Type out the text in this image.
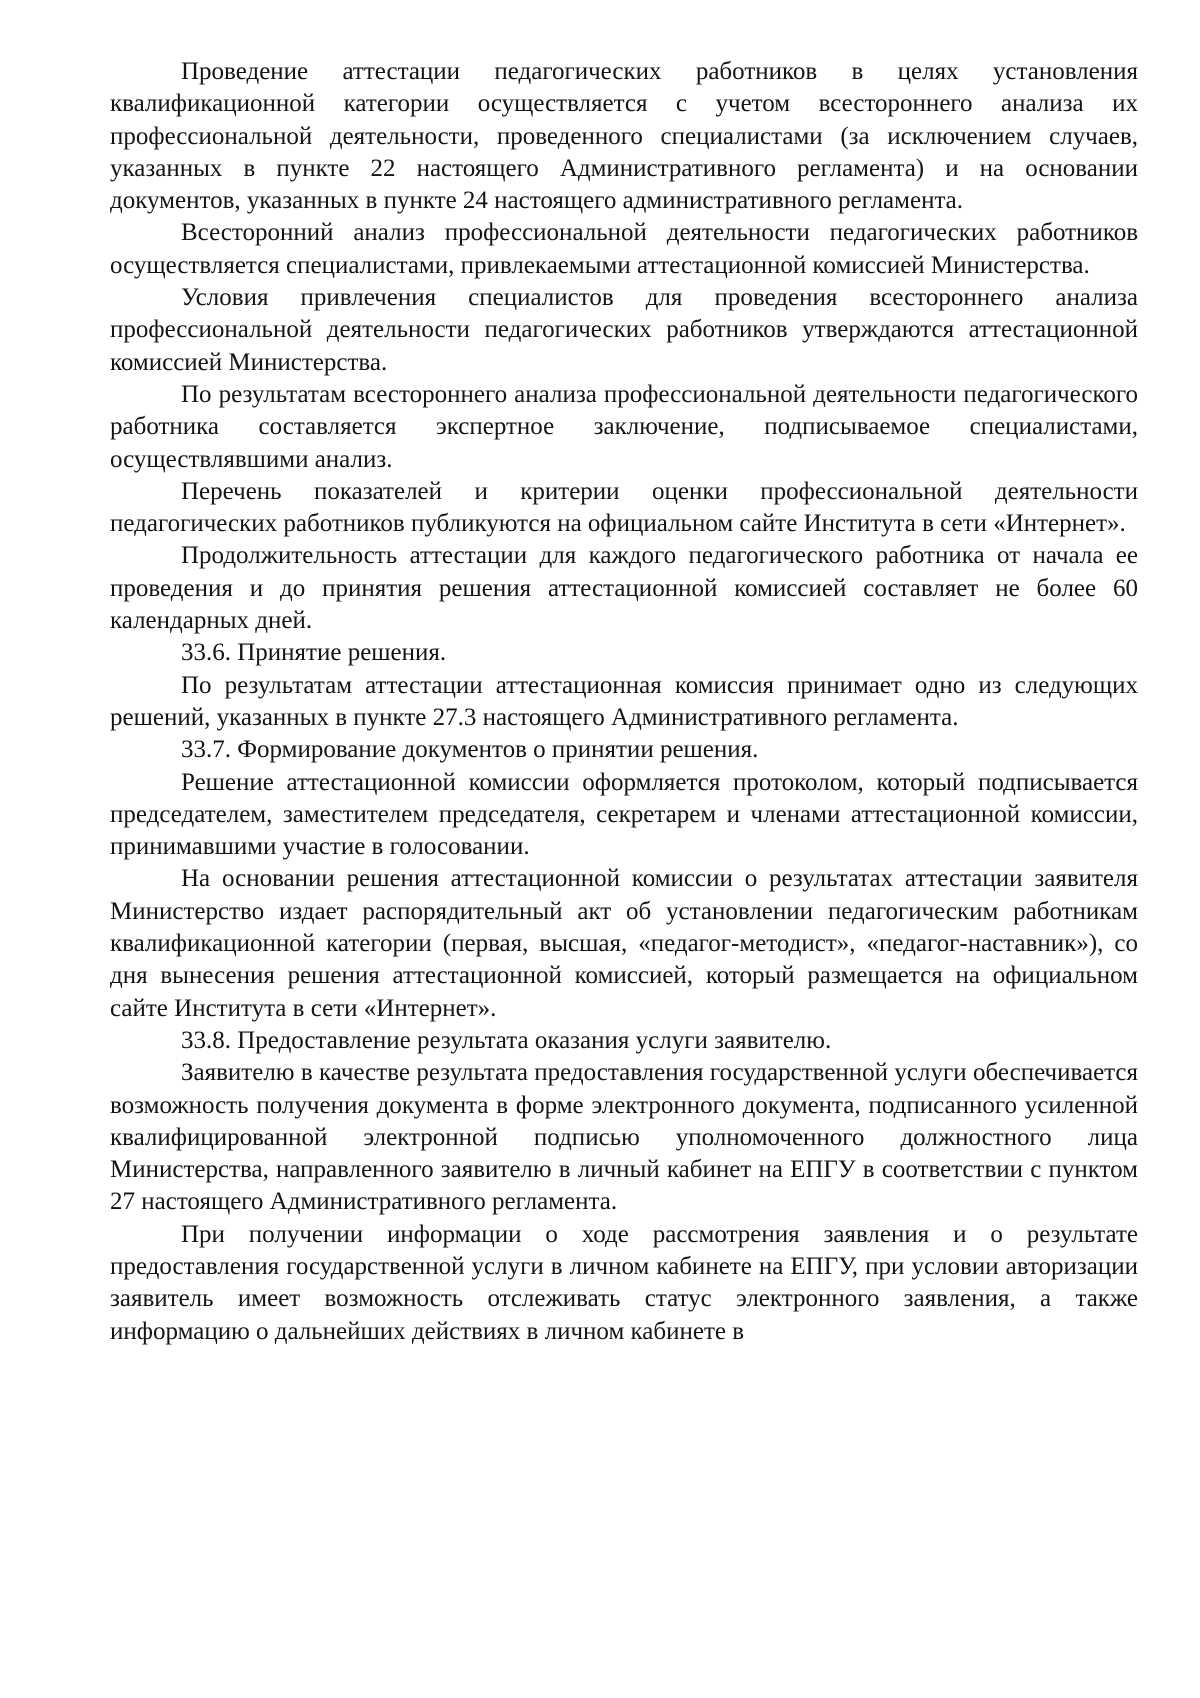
Проведение аттестации педагогических работников в целях установления квалификационной категории осуществляется с учетом всестороннего анализа их профессиональной деятельности, проведенного специалистами (за исключением случаев, указанных в пункте 22 настоящего Административного регламента) и на основании документов, указанных в пункте 24 настоящего административного регламента.

Всесторонний анализ профессиональной деятельности педагогических работников осуществляется специалистами, привлекаемыми аттестационной комиссией Министерства.

Условия привлечения специалистов для проведения всестороннего анализа профессиональной деятельности педагогических работников утверждаются аттестационной комиссией Министерства.

По результатам всестороннего анализа профессиональной деятельности педагогического работника составляется экспертное заключение, подписываемое специалистами, осуществлявшими анализ.

Перечень показателей и критерии оценки профессиональной деятельности педагогических работников публикуются на официальном сайте Института в сети «Интернет».

Продолжительность аттестации для каждого педагогического работника от начала ее проведения и до принятия решения аттестационной комиссией составляет не более 60 календарных дней.

33.6. Принятие решения.

По результатам аттестации аттестационная комиссия принимает одно из следующих решений, указанных в пункте 27.3 настоящего Административного регламента.

33.7. Формирование документов о принятии решения.

Решение аттестационной комиссии оформляется протоколом, который подписывается председателем, заместителем председателя, секретарем и членами аттестационной комиссии, принимавшими участие в голосовании.

На основании решения аттестационной комиссии о результатах аттестации заявителя Министерство издает распорядительный акт об установлении педагогическим работникам квалификационной категории (первая, высшая, «педагог-методист», «педагог-наставник»), со дня вынесения решения аттестационной комиссией, который размещается на официальном сайте Института в сети «Интернет».

33.8. Предоставление результата оказания услуги заявителю.

Заявителю в качестве результата предоставления государственной услуги обеспечивается возможность получения документа в форме электронного документа, подписанного усиленной квалифицированной электронной подписью уполномоченного должностного лица Министерства, направленного заявителю в личный кабинет на ЕПГУ в соответствии с пунктом 27 настоящего Административного регламента.

При получении информации о ходе рассмотрения заявления и о результате предоставления государственной услуги в личном кабинете на ЕПГУ, при условии авторизации заявитель имеет возможность отслеживать статус электронного заявления, а также информацию о дальнейших действиях в личном кабинете в
